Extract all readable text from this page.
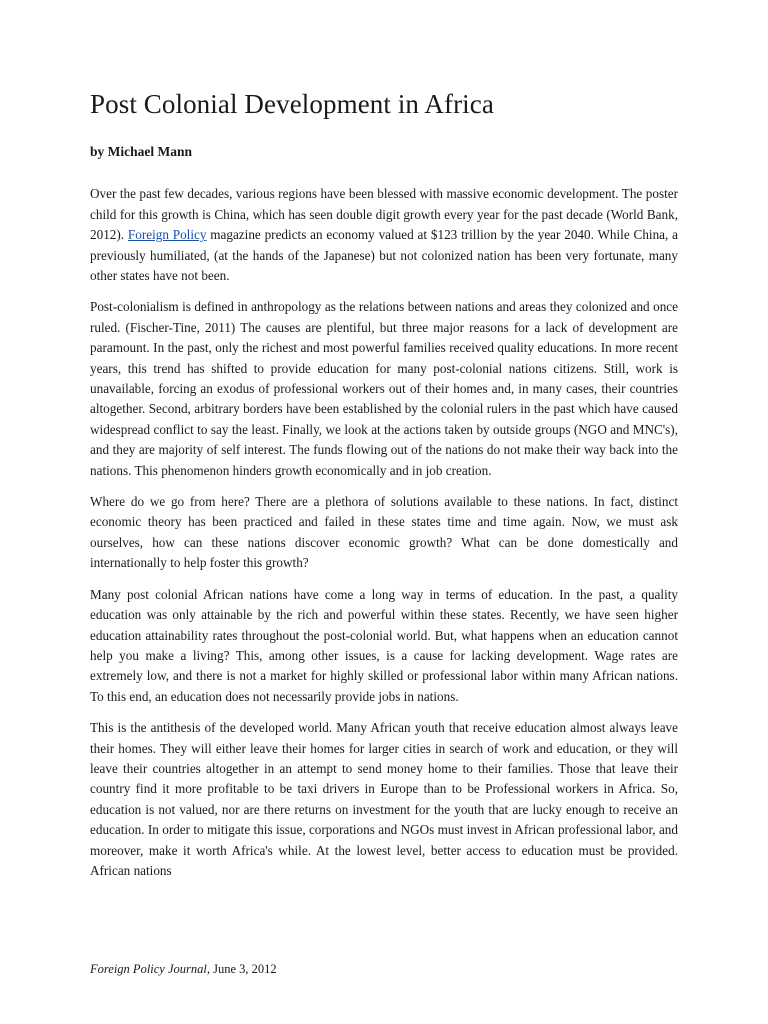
Post Colonial Development in Africa
by Michael Mann

Over the past few decades, various regions have been blessed with massive economic development. The poster child for this growth is China, which has seen double digit growth every year for the past decade (World Bank, 2012). Foreign Policy magazine predicts an economy valued at $123 trillion by the year 2040. While China, a previously humiliated, (at the hands of the Japanese) but not colonized nation has been very fortunate, many other states have not been.

Post-colonialism is defined in anthropology as the relations between nations and areas they colonized and once ruled. (Fischer-Tine, 2011) The causes are plentiful, but three major reasons for a lack of development are paramount. In the past, only the richest and most powerful families received quality educations. In more recent years, this trend has shifted to provide education for many post-colonial nations citizens. Still, work is unavailable, forcing an exodus of professional workers out of their homes and, in many cases, their countries altogether. Second, arbitrary borders have been established by the colonial rulers in the past which have caused widespread conflict to say the least. Finally, we look at the actions taken by outside groups (NGO and MNC's), and they are majority of self interest. The funds flowing out of the nations do not make their way back into the nations. This phenomenon hinders growth economically and in job creation.

Where do we go from here? There are a plethora of solutions available to these nations. In fact, distinct economic theory has been practiced and failed in these states time and time again. Now, we must ask ourselves, how can these nations discover economic growth? What can be done domestically and internationally to help foster this growth?

Many post colonial African nations have come a long way in terms of education. In the past, a quality education was only attainable by the rich and powerful within these states. Recently, we have seen higher education attainability rates throughout the post-colonial world. But, what happens when an education cannot help you make a living? This, among other issues, is a cause for lacking development. Wage rates are extremely low, and there is not a market for highly skilled or professional labor within many African nations. To this end, an education does not necessarily provide jobs in nations.

This is the antithesis of the developed world. Many African youth that receive education almost always leave their homes. They will either leave their homes for larger cities in search of work and education, or they will leave their countries altogether in an attempt to send money home to their families. Those that leave their country find it more profitable to be taxi drivers in Europe than to be Professional workers in Africa. So, education is not valued, nor are there returns on investment for the youth that are lucky enough to receive an education. In order to mitigate this issue, corporations and NGOs must invest in African professional labor, and moreover, make it worth Africa's while. At the lowest level, better access to education must be provided. African nations

Foreign Policy Journal, June 3, 2012
